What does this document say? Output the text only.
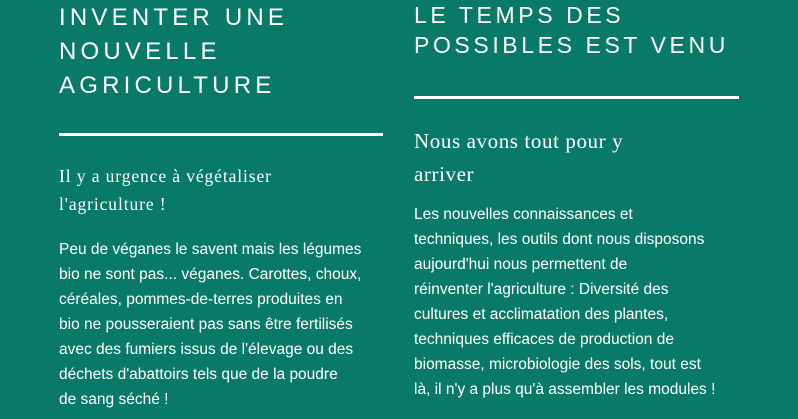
INVENTER UNE
NOUVELLE
AGRICULTURE

Il y a urgence à végétaliser
l'agriculture !

Peu de véganes le savent mais les légumes
bio ne sont pas... véganes. Carottes, choux,
céréales, pommes-de-terres produites en
bio ne pousseraient pas sans être fertilisés
avec des fumiers issus de l'élevage ou des
déchets d'abattoirs tels que de la poudre
de sang séché !

LE TEMPS DES
POSSIBLES EST VENU

Nous avons tout pour y
arriver

Les nouvelles connaissances et
techniques, les outils dont nous disposons
aujourd'hui nous permettent de
réinventer l'agriculture : Diversité des
cultures et acclimatation des plantes,
techniques efficaces de production de
biomasse, microbiologie des sols, tout est
là, il n'y a plus qu'à assembler les modules !
